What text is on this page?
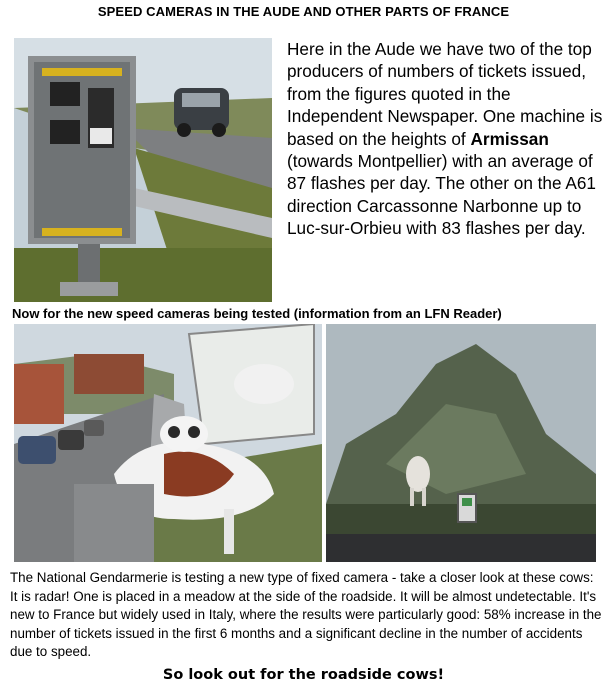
SPEED CAMERAS IN THE AUDE AND OTHER PARTS OF FRANCE
Here in the Aude we have two of the top producers of numbers of tickets issued, from the figures quoted in the Independent Newspaper. One machine is based on the heights of Armissan (towards Montpellier) with an average of 87 flashes per day. The other on the A61 direction Carcassonne Narbonne up to Luc-sur-Orbieu with 83 flashes per day.
Now for the new speed cameras being tested (information from an LFN Reader)
The National Gendarmerie is testing a new type of fixed camera - take a closer look at these cows: It is radar! One is placed in a meadow at the side of the roadside. It will be almost undetectable. It's new to France but widely used in Italy, where the results were particularly good: 58% increase in the number of tickets issued in the first 6 months and a significant decline in the number of accidents due to speed.
So look out for the roadside cows!
